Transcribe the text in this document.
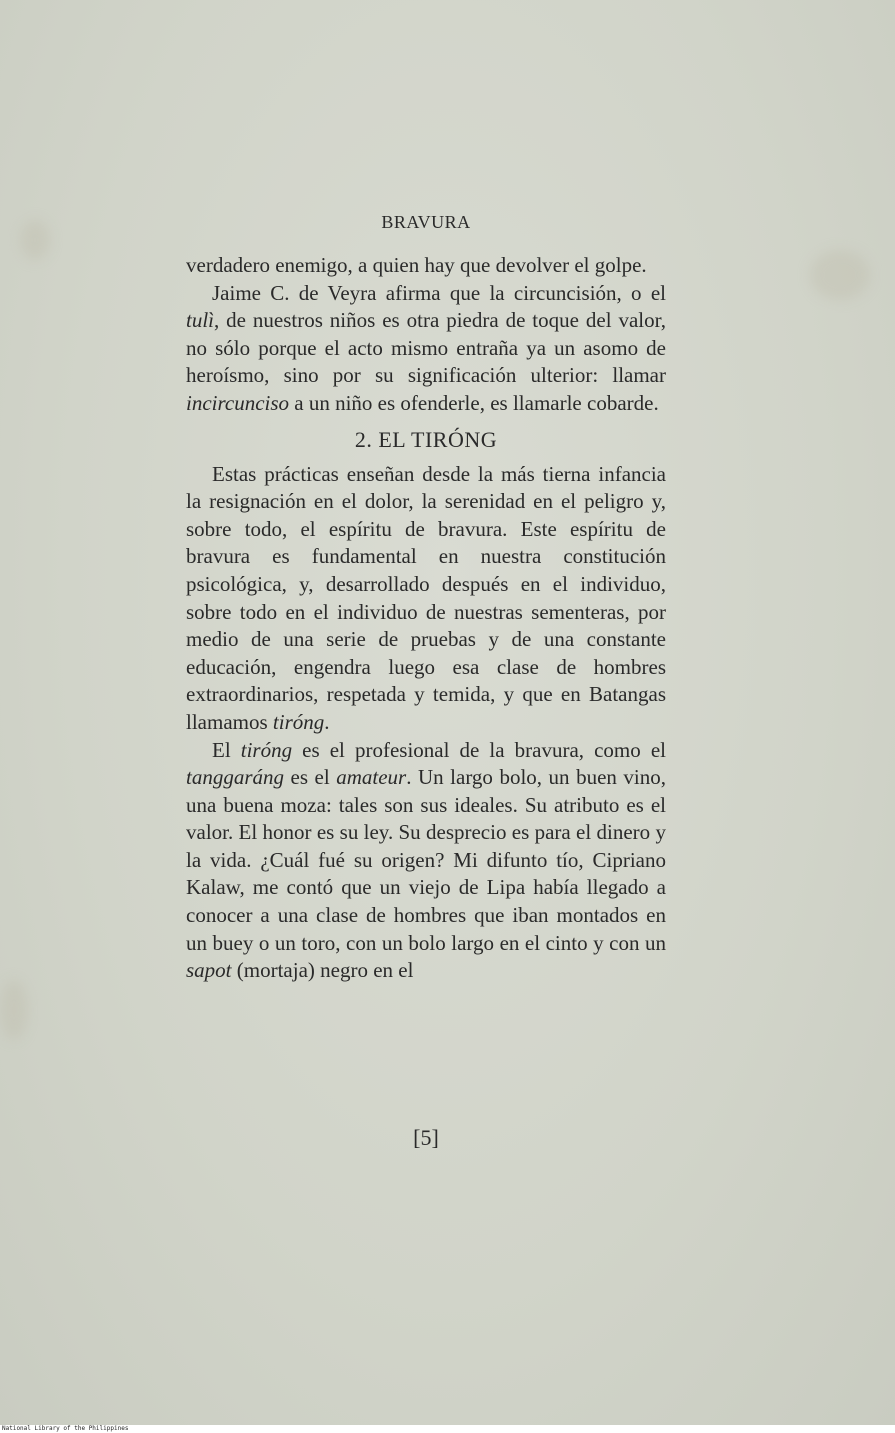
BRAVURA

verdadero enemigo, a quien hay que devolver el golpe.

Jaime C. de Veyra afirma que la circuncisión, o el tulì, de nuestros niños es otra piedra de toque del valor, no sólo porque el acto mismo entraña ya un asomo de heroísmo, sino por su significación ulterior: llamar incircunciso a un niño es ofenderle, es llamarle cobarde.

2. EL TIRÓNG

Estas prácticas enseñan desde la más tierna infancia la resignación en el dolor, la serenidad en el peligro y, sobre todo, el espíritu de bravura. Este espíritu de bravura es fundamental en nuestra constitución psicológica, y, desarrollado después en el individuo, sobre todo en el individuo de nuestras sementeras, por medio de una serie de pruebas y de una constante educación, engendra luego esa clase de hombres extraordinarios, respetada y temida, y que en Batangas llamamos tiróng.

El tiróng es el profesional de la bravura, como el tanggaráng es el amateur. Un largo bolo, un buen vino, una buena moza: tales son sus ideales. Su atributo es el valor. El honor es su ley. Su desprecio es para el dinero y la vida. ¿Cuál fué su origen? Mi difunto tío, Cipriano Kalaw, me contó que un viejo de Lipa había llegado a conocer a una clase de hombres que iban montados en un buey o un toro, con un bolo largo en el cinto y con un sapot (mortaja) negro en el

[5]
National Library of the Philippines
